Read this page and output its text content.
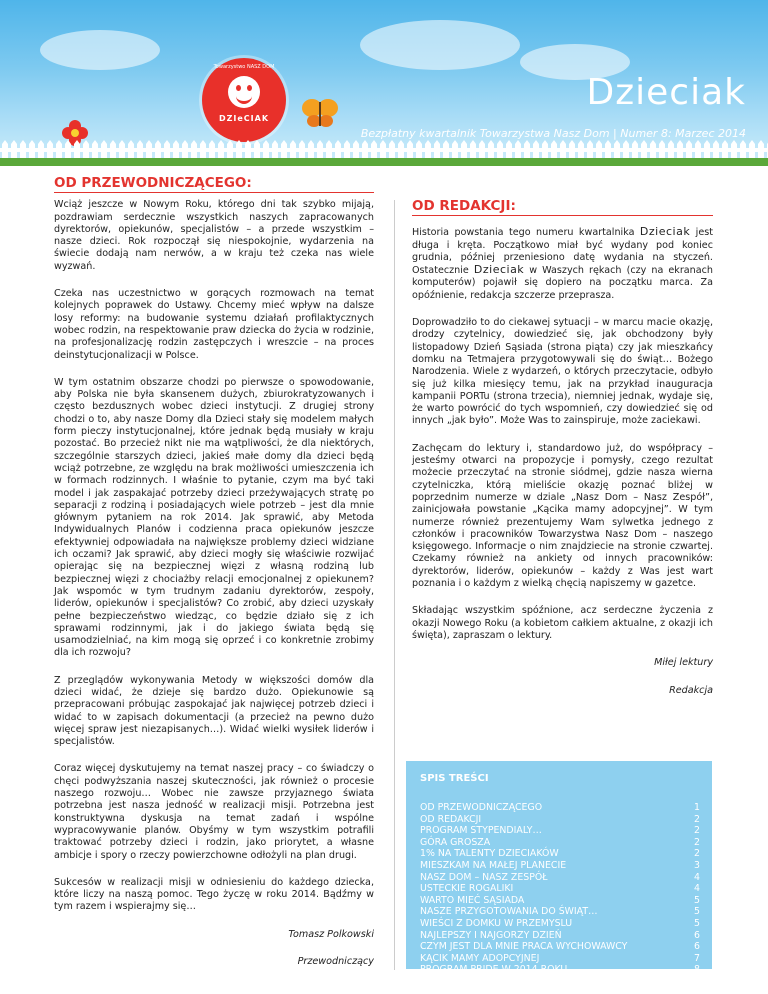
Towarzystwo NASZ DOM
DZIeCIAK
Dzieciak
Bezpłatny kwartalnik Towarzystwa Nasz Dom | Numer 8: Marzec 2014
OD PRZEWODNICZĄCEGO:

Wciąż jeszcze w Nowym Roku, którego dni tak szybko mijają, pozdrawiam serdecznie wszystkich naszych zapracowanych dyrektorów, opiekunów, specjalistów – a przede wszystkim – nasze dzieci. Rok rozpoczął się niespokojnie, wydarzenia na świecie dodają nam nerwów, a w kraju też czeka nas wiele wyzwań.

Czeka nas uczestnictwo w gorących rozmowach na temat kolejnych poprawek do Ustawy. Chcemy mieć wpływ na dalsze losy reformy: na budowanie systemu działań profilaktycznych wobec rodzin, na respektowanie praw dziecka do życia w rodzinie, na profesjonalizację rodzin zastępczych i wreszcie – na proces deinstytucjonalizacji w Polsce.

W tym ostatnim obszarze chodzi po pierwsze o spowodowanie, aby Polska nie była skansenem dużych, zbiurokratyzowanych i często bezdusznych wobec dzieci instytucji. Z drugiej strony chodzi o to, aby nasze Domy dla Dzieci stały się modelem małych form pieczy instytucjonalnej, które jednak będą musiały w kraju pozostać. Bo przecież nikt nie ma wątpliwości, że dla niektórych, szczególnie starszych dzieci, jakieś małe domy dla dzieci będą wciąż potrzebne, ze względu na brak możliwości umieszczenia ich w formach rodzinnych. I właśnie to pytanie, czym ma być taki model i jak zaspakajać potrzeby dzieci przeżywających stratę po separacji z rodziną i posiadających wiele potrzeb – jest dla mnie głównym pytaniem na rok 2014. Jak sprawić, aby Metoda Indywidualnych Planów i codzienna praca opiekunów jeszcze efektywniej odpowiadała na największe problemy dzieci widziane ich oczami? Jak sprawić, aby dzieci mogły się właściwie rozwijać opierając się na bezpiecznej więzi z własną rodziną lub bezpiecznej więzi z chociażby relacji emocjonalnej z opiekunem? Jak wspomóc w tym trudnym zadaniu dyrektorów, zespoły, liderów, opiekunów i specjalistów? Co zrobić, aby dzieci uzyskały pełne bezpieczeństwo wiedząc, co będzie działo się z ich sprawami rodzinnymi, jak i do jakiego świata będą się usamodzielniać, na kim mogą się oprzeć i co konkretnie zrobimy dla ich rozwoju?

Z przeglądów wykonywania Metody w większości domów dla dzieci widać, że dzieje się bardzo dużo. Opiekunowie są przepracowani próbując zaspokajać jak najwięcej potrzeb dzieci i widać to w zapisach dokumentacji (a przecież na pewno dużo więcej spraw jest niezapisanych…). Widać wielki wysiłek liderów i specjalistów.

Coraz więcej dyskutujemy na temat naszej pracy – co świadczy o chęci podwyższania naszej skuteczności, jak również o procesie naszego rozwoju… Wobec nie zawsze przyjaznego świata potrzebna jest nasza jedność w realizacji misji. Potrzebna jest konstruktywna dyskusja na temat zadań i wspólne wypracowywanie planów. Obyśmy w tym wszystkim potrafili traktować potrzeby dzieci i rodzin, jako priorytet, a własne ambicje i spory o rzeczy powierzchowne odłożyli na plan drugi.

Sukcesów w realizacji misji w odniesieniu do każdego dziecka, które liczy na naszą pomoc. Tego życzę w roku 2014. Bądźmy w tym razem i wspierajmy się…

Tomasz Polkowski

Przewodniczący

OD REDAKCJI:

Historia powstania tego numeru kwartalnika Dzieciak jest długa i kręta. Początkowo miał być wydany pod koniec grudnia, później przeniesiono datę wydania na styczeń. Ostatecznie Dzieciak w Waszych rękach (czy na ekranach komputerów) pojawił się dopiero na początku marca. Za opóźnienie, redakcja szczerze przeprasza.

Doprowadziło to do ciekawej sytuacji – w marcu macie okazję, drodzy czytelnicy, dowiedzieć się, jak obchodzony były listopadowy Dzień Sąsiada (strona piąta) czy jak mieszkańcy domku na Tetmajera przygotowywali się do świąt… Bożego Narodzenia. Wiele z wydarzeń, o których przeczytacie, odbyło się już kilka miesięcy temu, jak na przykład inauguracja kampanii PORTu (strona trzecia), niemniej jednak, wydaje się, że warto powrócić do tych wspomnień, czy dowiedzieć się od innych „jak było”. Może Was to zainspiruje, może zaciekawi.

Zachęcam do lektury i, standardowo już, do współpracy – jesteśmy otwarci na propozycje i pomysły, czego rezultat możecie przeczytać na stronie siódmej, gdzie nasza wierna czytelniczka, którą mieliście okazję poznać bliżej w poprzednim numerze w dziale „Nasz Dom – Nasz Zespół”, zainicjowała powstanie „Kącika mamy adopcyjnej”. W tym numerze również prezentujemy Wam sylwetka jednego z członków i pracowników Towarzystwa Nasz Dom – naszego księgowego. Informacje o nim znajdziecie na stronie czwartej. Czekamy również na ankiety od innych pracowników: dyrektorów, liderów, opiekunów – każdy z Was jest wart poznania i o każdym z wielką chęcią napiszemy w gazetce.

Składając wszystkim spóźnione, acz serdeczne życzenia z okazji Nowego Roku (a kobietom całkiem aktualne, z okazji ich święta), zapraszam o lektury.

Miłej lektury

Redakcja

SPIS TREŚCI
OD PRZEWODNICZĄCEGO	1
OD REDAKCJI	2
PROGRAM STYPENDIALY…	2
GÓRA GROSZA	2
1% NA TALENTY DZIECIAKÓW	2
MIESZKAM NA MAŁEJ PLANECIE	3
NASZ DOM – NASZ ZESPÓŁ	4
USTECKIE ROGALIKI	4
WARTO MIEĆ SĄSIADA	5
NASZE PRZYGOTOWANIA DO ŚWIĄT…	5
WIEŚCI Z DOMKU W PRZEMYSLU	5
NAJLEPSZY I NAJGORZY DZIEŃ	6
CZYM JEST DLA MNIE PRACA WYCHOWAWCY	6
KĄCIK MAMY ADOPCYJNEJ	7
PROGRAM PRIDE W 2014 ROKU	8
